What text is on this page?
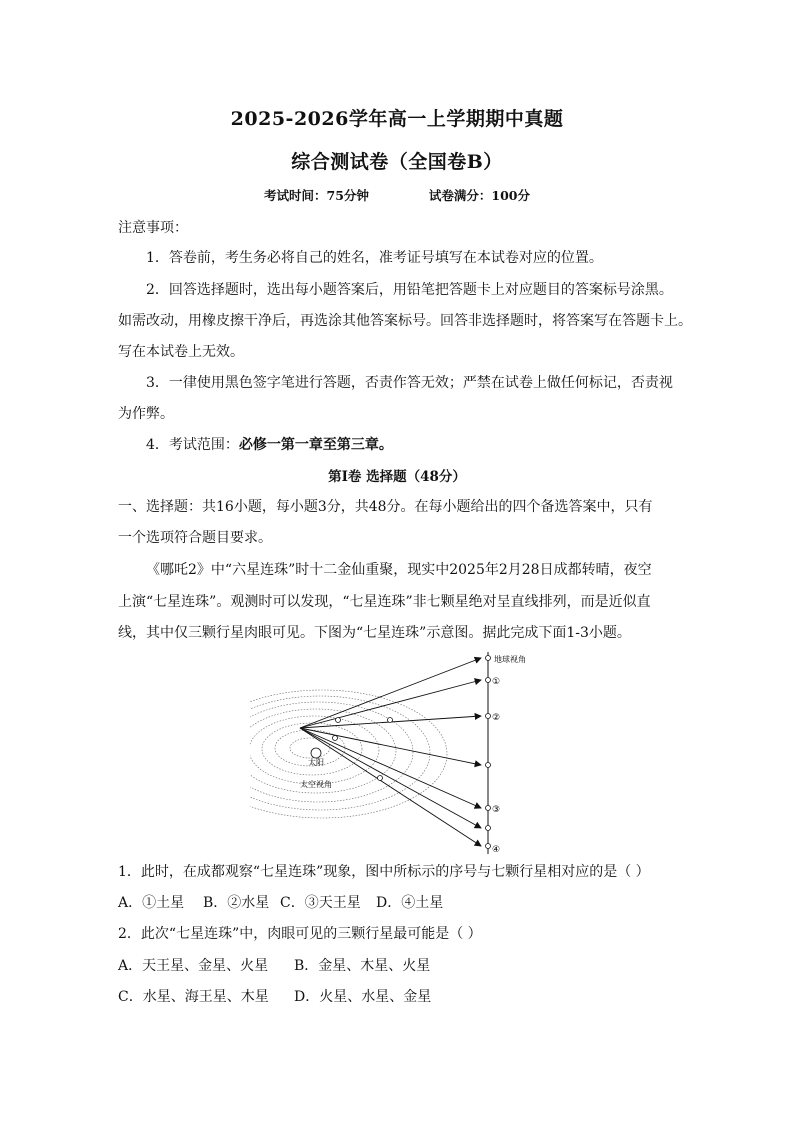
2025-2026学年高一上学期期中真题
综合测试卷（全国卷B）
考试时间：75分钟	试卷满分：100分
注意事项：
1．答卷前，考生务必将自己的姓名，准考证号填写在本试卷对应的位置。
2．回答选择题时，选出每小题答案后，用铅笔把答题卡上对应题目的答案标号涂黑。
如需改动，用橡皮擦干净后，再选涂其他答案标号。回答非选择题时，将答案写在答题卡上。
写在本试卷上无效。
3．一律使用黑色签字笔进行答题，否责作答无效；严禁在试卷上做任何标记，否责视
为作弊。
4．考试范围：必修一第一章至第三章。
第Ⅰ卷 选择题（48分）
一、选择题：共16小题，每小题3分，共48分。在每小题给出的四个备选答案中，只有
一个选项符合题目要求。
《哪吒2》中“六星连珠”时十二金仙重聚，现实中2025年2月28日成都转晴，夜空
上演“七星连珠”。观测时可以发现，“七星连珠”非七颗星绝对呈直线排列，而是近似直
线，其中仅三颗行星肉眼可见。下图为“七星连珠”示意图。据此完成下面1-3小题。
太阳
太空视角
地球视角
①
②
③
④
1．此时，在成都观察“七星连珠”现象，图中所标示的序号与七颗行星相对应的是（ ）
A．①土星 B．②水星 C．③天王星 D．④土星
2．此次“七星连珠”中，肉眼可见的三颗行星最可能是（ ）
A．天王星、金星、火星 B．金星、木星、火星
C．水星、海王星、木星 D．火星、水星、金星
